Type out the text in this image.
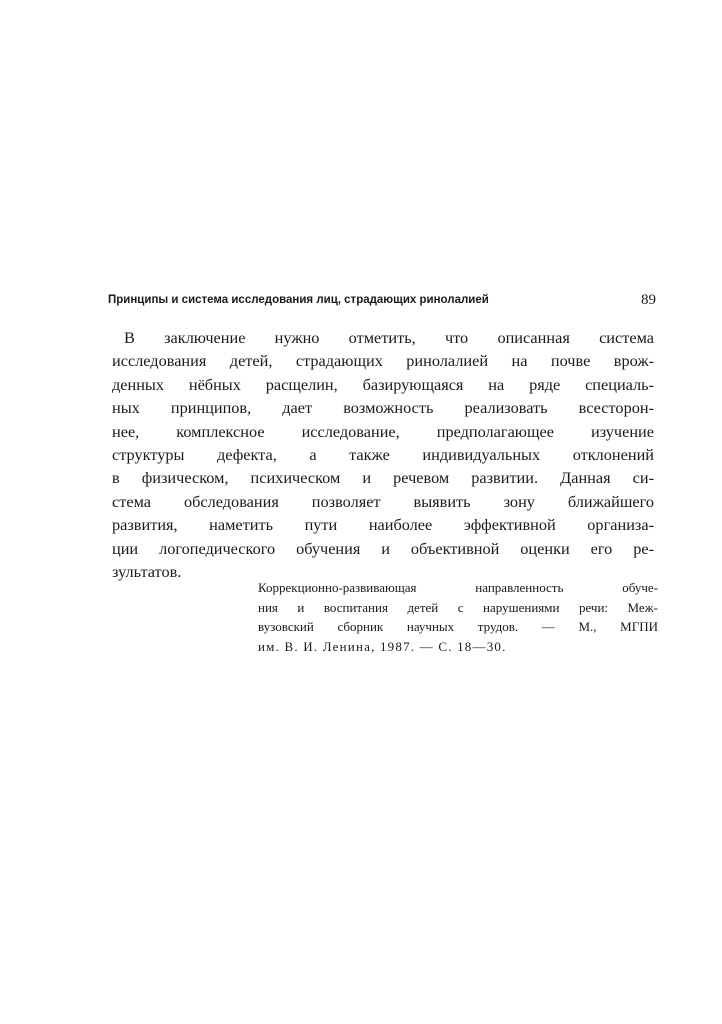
Принципы и система исследования лиц, страдающих ринолалией	89
В заключение нужно отметить, что описанная система
исследования детей, страдающих ринолалией на почве врож-
денных нёбных расщелин, базирующаяся на ряде специаль-
ных принципов, дает возможность реализовать всесторон-
нее, комплексное исследование, предполагающее изучение
структуры дефекта, а также индивидуальных отклонений
в физическом, психическом и речевом развитии. Данная си-
стема обследования позволяет выявить зону ближайшего
развития, наметить пути наиболее эффективной организа-
ции логопедического обучения и объективной оценки его ре-
зультатов.
Коррекционно-развивающая направленность обуче-
ния и воспитания детей с нарушениями речи: Меж-
вузовский сборник научных трудов. — М., МГПИ
им. В. И. Ленина, 1987. — С. 18—30.
